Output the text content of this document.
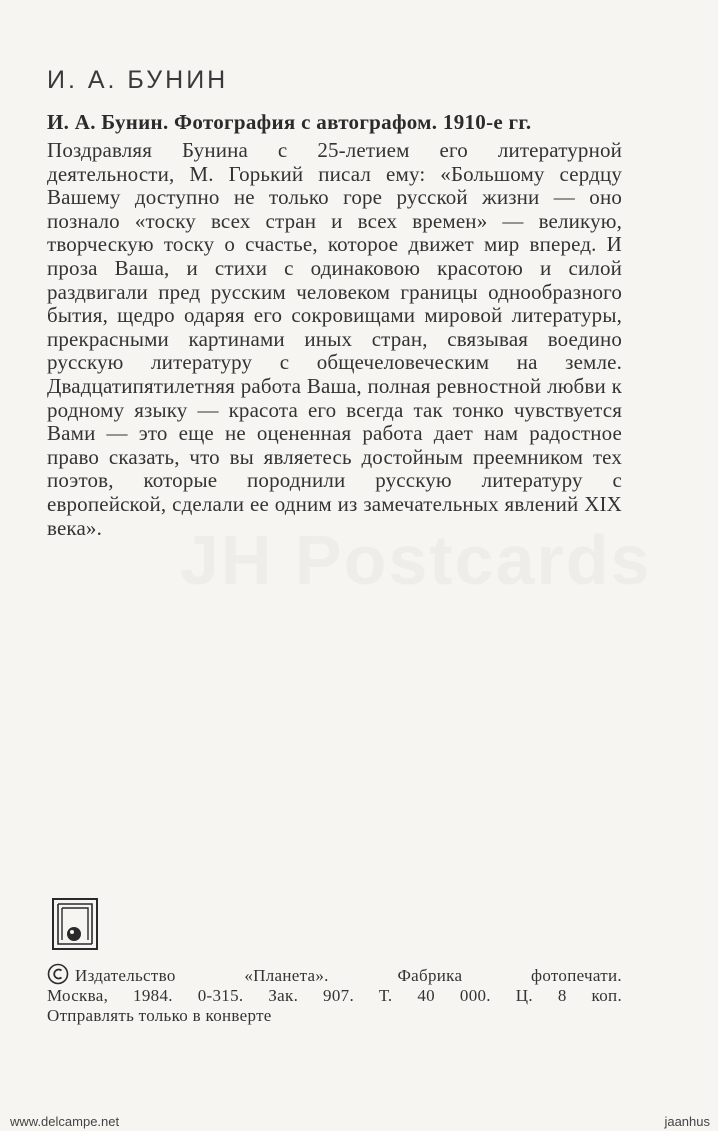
И. А. БУНИН
И. А. Бунин. Фотография с автографом. 1910-е гг.

Поздравляя Бунина с 25-летием его литературной деятельности, М. Горький писал ему: «Большому сердцу Вашему доступно не только горе русской жизни — оно познало «тоску всех стран и всех времен» — великую, творческую тоску о счастье, которое движет мир вперед. И проза Ваша, и стихи с одинаковою красотою и силой раздвигали пред русским человеком границы однообразного бытия, щедро одаряя его сокровищами мировой литературы, прекрасными картинами иных стран, связывая воедино русскую литературу с общечеловеческим на земле. Двадцатипятилетняя работа Ваша, полная ревностной любви к родному языку — красота его всегда так тонко чувствуется Вами — это еще не оцененная работа дает нам радостное право сказать, что вы являетесь достойным преемником тех поэтов, которые породнили русскую литературу с европейской, сделали ее одним из замечательных явлений XIX века».	JH Postcards
Издательство «Планета». Фабрика фотопечати.
Москва, 1984. 0-315. Зак. 907. Т. 40 000. Ц. 8 коп.
Отправлять только в конверте
www.delcampe.net	jaanhus
